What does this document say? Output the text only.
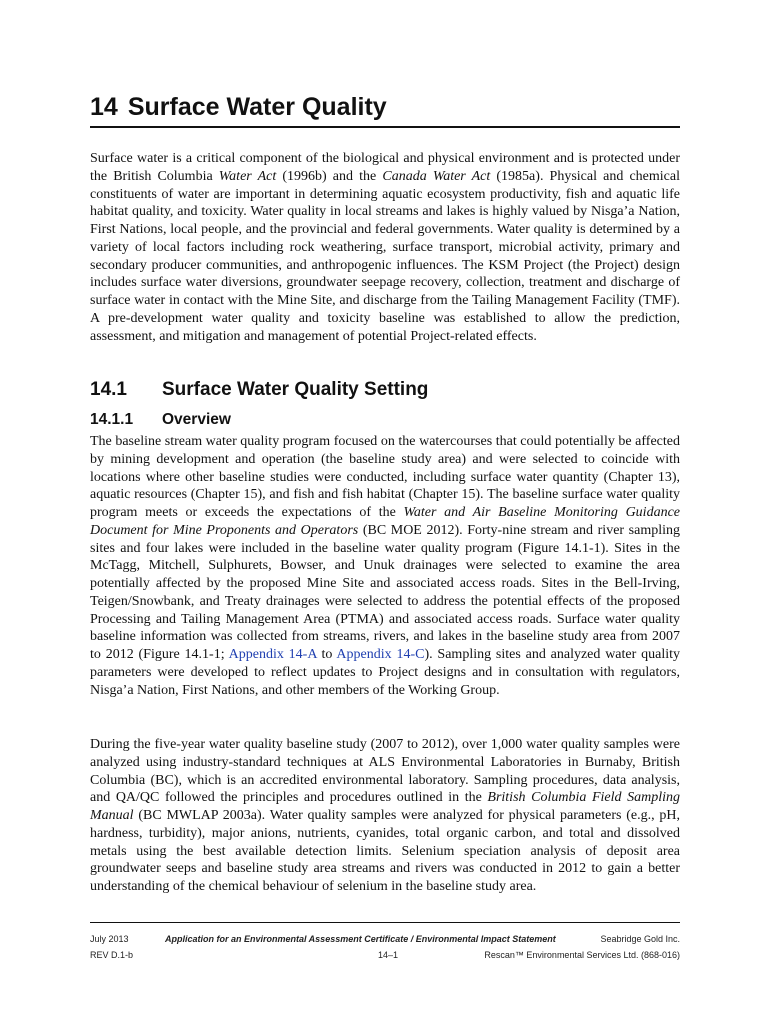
14 Surface Water Quality

Surface water is a critical component of the biological and physical environment and is protected under the British Columbia Water Act (1996b) and the Canada Water Act (1985a). Physical and chemical constituents of water are important in determining aquatic ecosystem productivity, fish and aquatic life habitat quality, and toxicity. Water quality in local streams and lakes is highly valued by Nisga’a Nation, First Nations, local people, and the provincial and federal governments. Water quality is determined by a variety of local factors including rock weathering, surface transport, microbial activity, primary and secondary producer communities, and anthropogenic influences. The KSM Project (the Project) design includes surface water diversions, groundwater seepage recovery, collection, treatment and discharge of surface water in contact with the Mine Site, and discharge from the Tailing Management Facility (TMF). A pre-development water quality and toxicity baseline was established to allow the prediction, assessment, and mitigation and management of potential Project-related effects.

14.1 Surface Water Quality Setting
14.1.1 Overview

The baseline stream water quality program focused on the watercourses that could potentially be affected by mining development and operation (the baseline study area) and were selected to coincide with locations where other baseline studies were conducted, including surface water quantity (Chapter 13), aquatic resources (Chapter 15), and fish and fish habitat (Chapter 15). The baseline surface water quality program meets or exceeds the expectations of the Water and Air Baseline Monitoring Guidance Document for Mine Proponents and Operators (BC MOE 2012). Forty-nine stream and river sampling sites and four lakes were included in the baseline water quality program (Figure 14.1-1). Sites in the McTagg, Mitchell, Sulphurets, Bowser, and Unuk drainages were selected to examine the area potentially affected by the proposed Mine Site and associated access roads. Sites in the Bell-Irving, Teigen/Snowbank, and Treaty drainages were selected to address the potential effects of the proposed Processing and Tailing Management Area (PTMA) and associated access roads. Surface water quality baseline information was collected from streams, rivers, and lakes in the baseline study area from 2007 to 2012 (Figure 14.1-1; Appendix 14-A to Appendix 14-C). Sampling sites and analyzed water quality parameters were developed to reflect updates to Project designs and in consultation with regulators, Nisga’a Nation, First Nations, and other members of the Working Group.

During the five-year water quality baseline study (2007 to 2012), over 1,000 water quality samples were analyzed using industry-standard techniques at ALS Environmental Laboratories in Burnaby, British Columbia (BC), which is an accredited environmental laboratory. Sampling procedures, data analysis, and QA/QC followed the principles and procedures outlined in the British Columbia Field Sampling Manual (BC MWLAP 2003a). Water quality samples were analyzed for physical parameters (e.g., pH, hardness, turbidity), major anions, nutrients, cyanides, total organic carbon, and total and dissolved metals using the best available detection limits. Selenium speciation analysis of deposit area groundwater seeps and baseline study area streams and rivers was conducted in 2012 to gain a better understanding of the chemical behaviour of selenium in the baseline study area.

July 2013
REV D.1-b
Application for an Environmental Assessment Certificate / Environmental Impact Statement
14–1
Seabridge Gold Inc.
Rescan™ Environmental Services Ltd. (868-016)
